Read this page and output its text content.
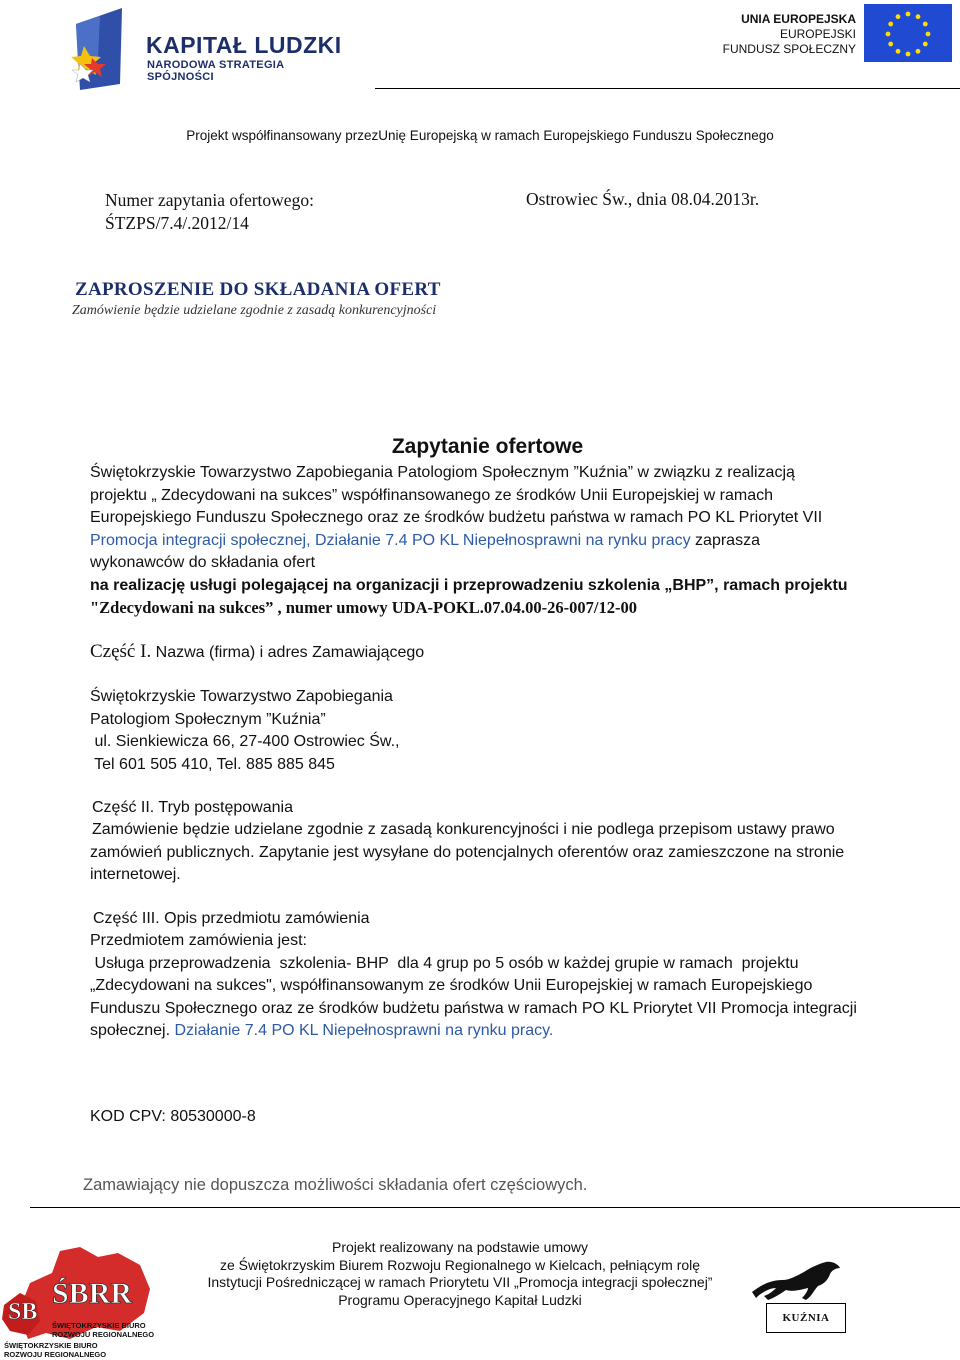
KAPITAŁ LUDZKI
NARODOWA STRATEGIA SPÓJNOŚCI
UNIA EUROPEJSKA
EUROPEJSKI
FUNDUSZ SPOŁECZNY
Projekt współfinansowany przezUnię Europejską w ramach Europejskiego Funduszu Społecznego
Numer zapytania ofertowego:
ŚTZPS/7.4/.2012/14
Ostrowiec Św., dnia 08.04.2013r.
ZAPROSZENIE DO SKŁADANIA OFERT
Zamówienie będzie udzielane zgodnie z zasadą konkurencyjności
Zapytanie ofertowe
Świętokrzyskie Towarzystwo Zapobiegania Patologiom Społecznym ”Kuźnia” w związku z realizacją
projektu „ Zdecydowani na sukces” współfinansowanego ze środków Unii Europejskiej w ramach
Europejskiego Funduszu Społecznego oraz ze środków budżetu państwa w ramach PO KL Priorytet VII
Promocja integracji społecznej, Działanie 7.4 PO KL Niepełnosprawni na rynku pracy zaprasza
wykonawców do składania ofert
na realizację usługi polegającej na organizacji i przeprowadzeniu szkolenia „BHP”, ramach projektu
"Zdecydowani na sukces” , numer umowy UDA-POKL.07.04.00-26-007/12-00
Część I. Nazwa (firma) i adres Zamawiającego
Świętokrzyskie Towarzystwo Zapobiegania
Patologiom Społecznym ”Kuźnia”
ul. Sienkiewicza 66, 27-400 Ostrowiec Św.,
Tel 601 505 410, Tel. 885 885 845
Część II. Tryb postępowania
Zamówienie będzie udzielane zgodnie z zasadą konkurencyjności i nie podlega przepisom ustawy prawo
zamówień publicznych. Zapytanie jest wysyłane do potencjalnych oferentów oraz zamieszczone na stronie
internetowej.
Część III. Opis przedmiotu zamówienia
Przedmiotem zamówienia jest:
Usługa przeprowadzenia  szkolenia- BHP  dla 4 grup po 5 osób w każdej grupie w ramach  projektu
„Zdecydowani na sukces", współfinansowanym ze środków Unii Europejskiej w ramach Europejskiego
Funduszu Społecznego oraz ze środków budżetu państwa w ramach PO KL Priorytet VII Promocja integracji
społecznej. Działanie 7.4 PO KL Niepełnosprawni na rynku pracy.
KOD CPV: 80530000-8
Zamawiający nie dopuszcza możliwości składania ofert częściowych.
Projekt realizowany na podstawie umowy
ze Świętokrzyskim Biurem Rozwoju Regionalnego w Kielcach, pełniącym rolę
Instytucji Pośredniczącej w ramach Priorytetu VII „Promocja integracji społecznej”
Programu Operacyjnego Kapitał Ludzki
SB
ŚBRR
ŚWIĘTOKRZYSKIE BIURO
ROZWOJU REGIONALNEGO
ŚWIĘTOKRZYSKIE BIURO
ROZWOJU REGIONALNEGO
KUŹNIA
